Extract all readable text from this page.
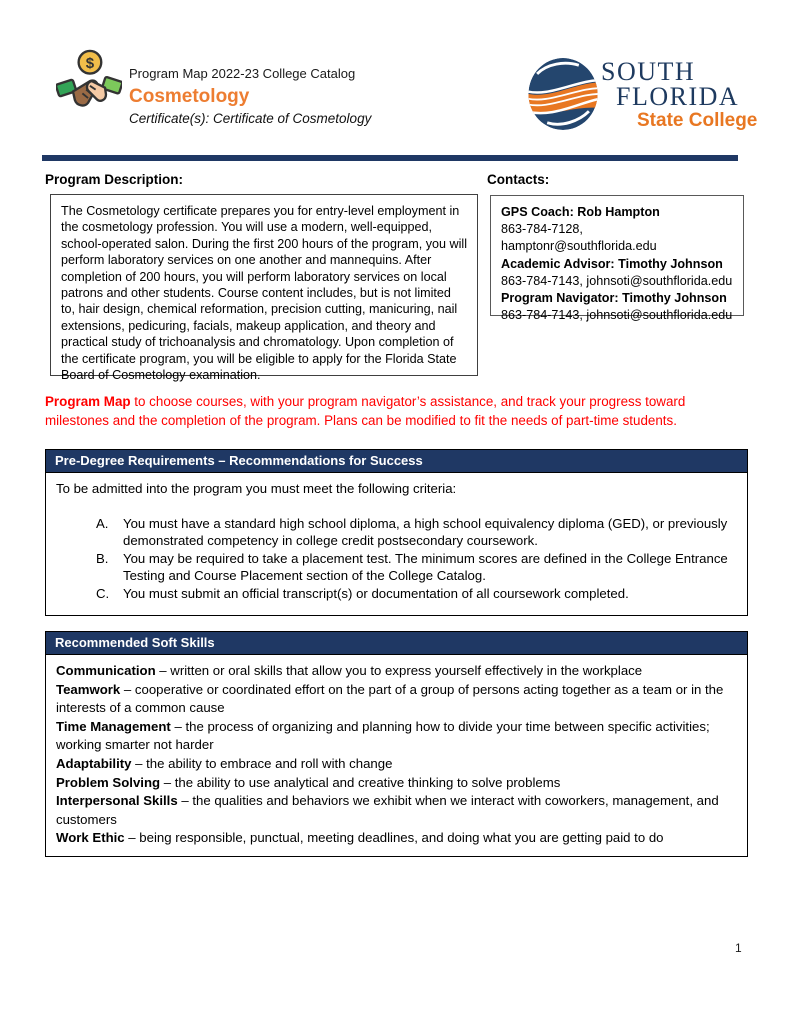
$
Program Map 2022-23 College Catalog
Cosmetology
Certificate(s): Certificate of Cosmetology
SOUTH
FLORIDA
State College
Program Description:
The Cosmetology certificate prepares you for entry-level employment in the cosmetology profession. You will use a modern, well-equipped, school-operated salon. During the first 200 hours of the program, you will perform laboratory services on one another and mannequins. After completion of 200 hours, you will perform laboratory services on local patrons and other students. Course content includes, but is not limited to, hair design, chemical reformation, precision cutting, manicuring, nail extensions, pedicuring, facials, makeup application, and theory and practical study of trichoanalysis and chromatology. Upon completion of the certificate program, you will be eligible to apply for the Florida State Board of Cosmetology examination.
Contacts:
GPS Coach: Rob Hampton
863-784-7128, hamptonr@southflorida.edu
Academic Advisor: Timothy Johnson
863-784-7143, johnsoti@southflorida.edu
Program Navigator: Timothy Johnson
863-784-7143, johnsoti@southflorida.edu

Program Map to choose courses, with your program navigator’s assistance, and track your progress toward milestones and the completion of the program. Plans can be modified to fit the needs of part-time students.

Pre-Degree Requirements – Recommendations for Success

To be admitted into the program you must meet the following criteria:

A.	You must have a standard high school diploma, a high school equivalency diploma (GED), or previously demonstrated competency in college credit postsecondary coursework.
B.	You may be required to take a placement test. The minimum scores are defined in the College Entrance Testing and Course Placement section of the College Catalog.
C.	You must submit an official transcript(s) or documentation of all coursework completed.
Recommended Soft Skills

Communication – written or oral skills that allow you to express yourself effectively in the workplace

Teamwork – cooperative or coordinated effort on the part of a group of persons acting together as a team or in the interests of a common cause

Time Management – the process of organizing and planning how to divide your time between specific activities; working smarter not harder

Adaptability – the ability to embrace and roll with change

Problem Solving – the ability to use analytical and creative thinking to solve problems

Interpersonal Skills – the qualities and behaviors we exhibit when we interact with coworkers, management, and customers

Work Ethic – being responsible, punctual, meeting deadlines, and doing what you are getting paid to do

1
